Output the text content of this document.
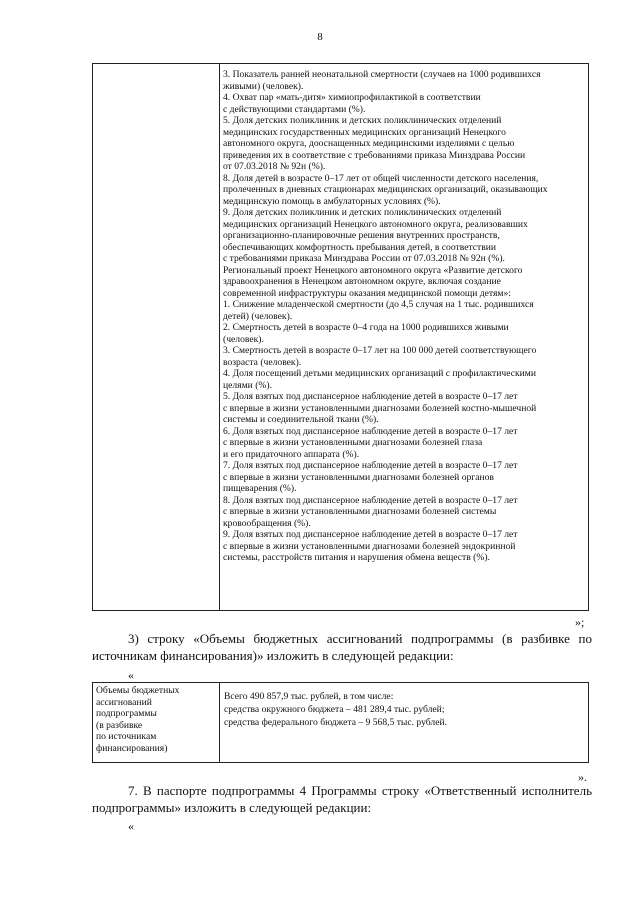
8
3. Показатель ранней неонатальной смертности (случаев на 1000 родившихся
живыми) (человек).
4. Охват пар «мать-дитя» химиопрофилактикой в соответствии
с действующими стандартами (%).
5. Доля детских поликлиник и детских поликлинических отделений
медицинских государственных медицинских организаций Ненецкого
автономного округа, дооснащенных медицинскими изделиями с целью
приведения их в соответствие с требованиями приказа Минздрава России
от 07.03.2018 № 92н (%).
8. Доля детей в возрасте 0–17 лет от общей численности детского населения,
пролеченных в дневных стационарах медицинских организаций, оказывающих
медицинскую помощь в амбулаторных условиях (%).
9. Доля детских поликлиник и детских поликлинических отделений
медицинских организаций Ненецкого автономного округа, реализовавших
организационно-планировочные решения внутренних пространств,
обеспечивающих комфортность пребывания детей, в соответствии
с требованиями приказа Минздрава России от 07.03.2018 № 92н (%).
Региональный проект Ненецкого автономного округа «Развитие детского
здравоохранения в Ненецком автономном округе, включая создание
современной инфраструктуры оказания медицинской помощи детям»:
1. Снижение младенческой смертности (до 4,5 случая на 1 тыс. родившихся
детей) (человек).
2. Смертность детей в возрасте 0–4 года на 1000 родившихся живыми
(человек).
3. Смертность детей в возрасте 0–17 лет на 100 000 детей соответствующего
возраста (человек).
4. Доля посещений детьми медицинских организаций с профилактическими
целями (%).
5. Доля взятых под диспансерное наблюдение детей в возрасте 0–17 лет
с впервые в жизни установленными диагнозами болезней костно-мышечной
системы и соединительной ткани (%).
6. Доля взятых под диспансерное наблюдение детей в возрасте 0–17 лет
с впервые в жизни установленными диагнозами болезней глаза
и его придаточного аппарата (%).
7. Доля взятых под диспансерное наблюдение детей в возрасте 0–17 лет
с впервые в жизни установленными диагнозами болезней органов
пищеварения (%).
8. Доля взятых под диспансерное наблюдение детей в возрасте 0–17 лет
с впервые в жизни установленными диагнозами болезней системы
кровообращения (%).
9. Доля взятых под диспансерное наблюдение детей в возрасте 0–17 лет
с впервые в жизни установленными диагнозами болезней эндокринной
системы, расстройств питания и нарушения обмена веществ (%).
»;
3) строку «Объемы бюджетных ассигнований подпрограммы (в разбивке по источникам финансирования)» изложить в следующей редакции:
«
Объемы бюджетных
ассигнований
подпрограммы
(в разбивке
по источникам
финансирования)
Всего 490 857,9 тыс. рублей, в том числе:
средства окружного бюджета – 481 289,4 тыс. рублей;
средства федерального бюджета – 9 568,5 тыс. рублей.
».
7. В паспорте подпрограммы 4 Программы строку «Ответственный исполнитель подпрограммы» изложить в следующей редакции:
«
